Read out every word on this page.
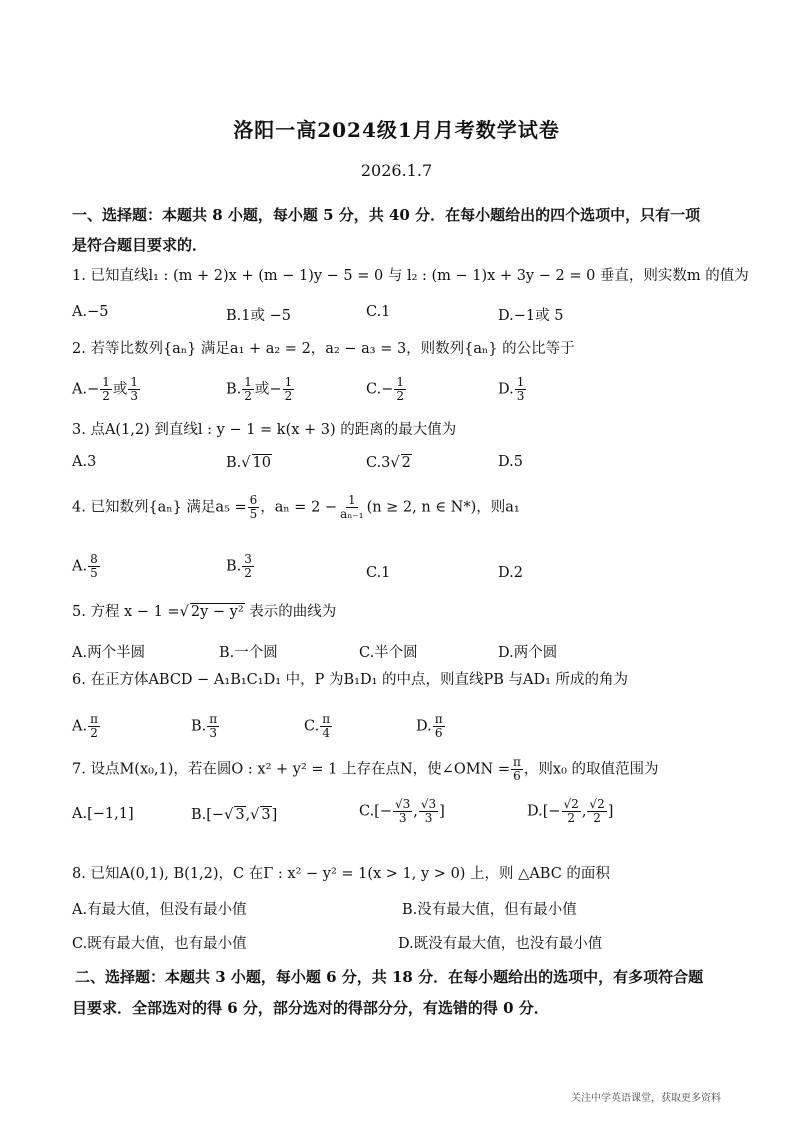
洛阳一高2024级1月月考数学试卷
2026.1.7
一、选择题：本题共 8 小题，每小题 5 分，共 40 分．在每小题给出的四个选项中，只有一项
是符合题目要求的．
1. 已知直线l₁ : (m + 2)x + (m − 1)y − 5 = 0 与 l₂ : (m − 1)x + 3y − 2 = 0 垂直，则实数m 的值为
A.−5	B.1或 −5	C.1	D.−1或 5
2. 若等比数列{aₙ} 满足a₁ + a₂ = 2，a₂ − a₃ = 3，则数列{aₙ} 的公比等于
$A.- \frac{1}{2}$ 或 $\frac{1}{3}$	B. $\frac{1}{2}$ 或− $\frac{1}{2}$	$C.- \frac{1}{2}$	D. $\frac{1}{3}$
3. 点A(1,2) 到直线l : y − 1 = k(x + 3) 的距离的最大值为
A.3	B.√ 10	C.3√ 2	D.5
4. 已知数列{aₙ} 满足$a_5 = \frac{6}{5}$ ，$a_n = 2 - \frac{1}{\text{aₙ₋₁}} (n \ge 2$, n ∈ N*)，则a₁
A. $\frac{8}{5}$	B. $\frac{3}{2}$	C.1	D.2
5. 方程 x − 1 =√ 2y − y² 表示的曲线为
A.两个半圆	B.一个圆	C.半个圆	D.两个圆
6. 在正方体ABCD − A₁B₁C₁D₁ 中，P 为B₁D₁ 的中点，则直线PB 与AD₁ 所成的角为
A. $\frac{\pi}{2}$	B. $\frac{\pi}{3}$	C. $\frac{\pi}{4}$	D. $\frac{\pi}{6}$
7. 设点M(x₀,1)，若在圆O : x² + y² = 1 上存在点N，使∠OMN = $\frac{\pi}{6}$ ，则x₀ 的取值范围为
A.[−1,1]	B.[−√ 3,√ 3]	$C.[- \frac{√3}{3}$ , $\frac{√3}{3}$ ]	$D.[- \frac{√2}{2}$ , $\frac{√2}{2}$ ]
8. 已知A(0,1), B(1,2)，C 在Γ : x² − y² = 1(x > 1, y > 0) 上，则 △ABC 的面积
A.有最大值，但没有最小值	B.没有最大值，但有最小值
C.既有最大值，也有最小值	D.既没有最大值，也没有最小值
二、选择题：本题共 3 小题，每小题 6 分，共 18 分．在每小题给出的选项中，有多项符合题
目要求．全部选对的得 6 分，部分选对的得部分分，有选错的得 0 分．
关注中学英语课堂，获取更多资料
